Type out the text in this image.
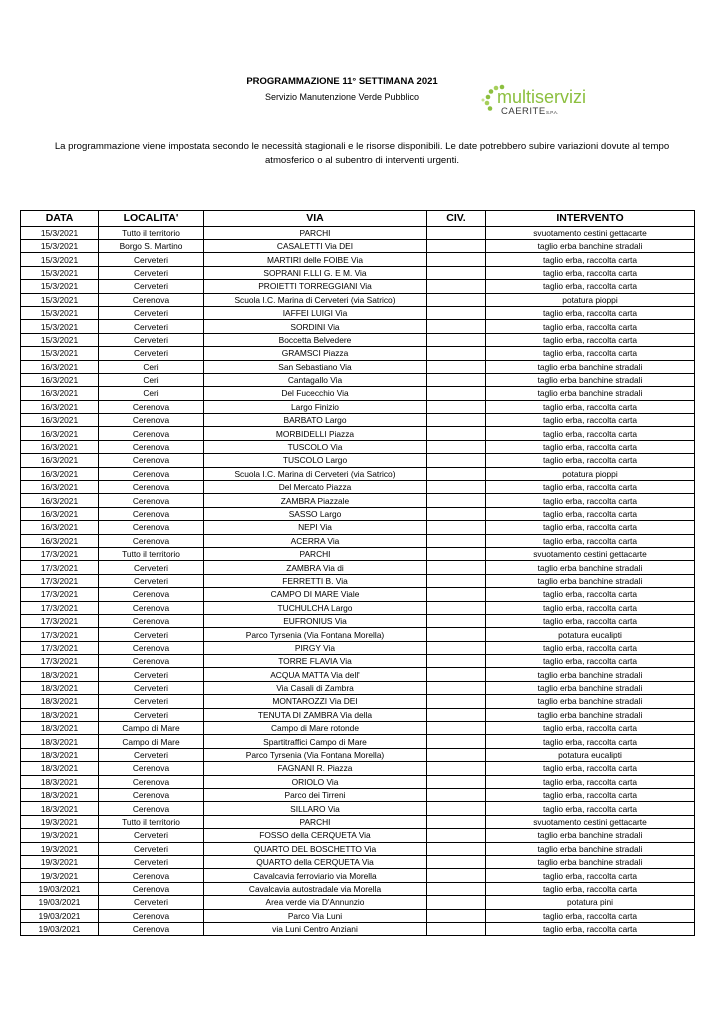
PROGRAMMAZIONE 11° SETTIMANA 2021
Servizio Manutenzione Verde Pubblico	multiservizi
CAERITE S.P.A.
La programmazione viene impostata secondo le necessità stagionali e le risorse disponibili. Le date potrebbero subire variazioni dovute al tempo atmosferico o al subentro di interventi urgenti.
DATA	LOCALITA'	VIA	CIV.	INTERVENTO
15/3/2021	Tutto il territorio	PARCHI		svuotamento cestini gettacarte
15/3/2021	Borgo S. Martino	CASALETTI Via DEI		taglio erba banchine stradali
15/3/2021	Cerveteri	MARTIRI delle FOIBE Via		taglio erba, raccolta carta
15/3/2021	Cerveteri	SOPRANI F.LLI G. E M. Via		taglio erba, raccolta carta
15/3/2021	Cerveteri	PROIETTI TORREGGIANI Via		taglio erba, raccolta carta
15/3/2021	Cerenova	Scuola I.C. Marina di Cerveteri (via Satrico)		potatura pioppi
15/3/2021	Cerveteri	IAFFEI LUIGI Via		taglio erba, raccolta carta
15/3/2021	Cerveteri	SORDINI Via		taglio erba, raccolta carta
15/3/2021	Cerveteri	Boccetta Belvedere		taglio erba, raccolta carta
15/3/2021	Cerveteri	GRAMSCI Piazza		taglio erba, raccolta carta
16/3/2021	Ceri	San Sebastiano Via		taglio erba banchine stradali
16/3/2021	Ceri	Cantagallo Via		taglio erba banchine stradali
16/3/2021	Ceri	Del Fucecchio Via		taglio erba banchine stradali
16/3/2021	Cerenova	Largo Finizio		taglio erba, raccolta carta
16/3/2021	Cerenova	BARBATO Largo		taglio erba, raccolta carta
16/3/2021	Cerenova	MORBIDELLI Piazza		taglio erba, raccolta carta
16/3/2021	Cerenova	TUSCOLO Via		taglio erba, raccolta carta
16/3/2021	Cerenova	TUSCOLO Largo		taglio erba, raccolta carta
16/3/2021	Cerenova	Scuola I.C. Marina di Cerveteri (via Satrico)		potatura pioppi
16/3/2021	Cerenova	Del Mercato Piazza		taglio erba, raccolta carta
16/3/2021	Cerenova	ZAMBRA Piazzale		taglio erba, raccolta carta
16/3/2021	Cerenova	SASSO Largo		taglio erba, raccolta carta
16/3/2021	Cerenova	NEPI Via		taglio erba, raccolta carta
16/3/2021	Cerenova	ACERRA Via		taglio erba, raccolta carta
17/3/2021	Tutto il territorio	PARCHI		svuotamento cestini gettacarte
17/3/2021	Cerveteri	ZAMBRA Via di		taglio erba banchine stradali
17/3/2021	Cerveteri	FERRETTI B. Via		taglio erba banchine stradali
17/3/2021	Cerenova	CAMPO DI MARE Viale		taglio erba, raccolta carta
17/3/2021	Cerenova	TUCHULCHA Largo		taglio erba, raccolta carta
17/3/2021	Cerenova	EUFRONIUS Via		taglio erba, raccolta carta
17/3/2021	Cerveteri	Parco Tyrsenia (Via Fontana Morella)		potatura eucalipti
17/3/2021	Cerenova	PIRGY Via		taglio erba, raccolta carta
17/3/2021	Cerenova	TORRE FLAVIA Via		taglio erba, raccolta carta
18/3/2021	Cerveteri	ACQUA MATTA Via dell'		taglio erba banchine stradali
18/3/2021	Cerveteri	Via Casali di Zambra		taglio erba banchine stradali
18/3/2021	Cerveteri	MONTAROZZI Via DEI		taglio erba banchine stradali
18/3/2021	Cerveteri	TENUTA DI ZAMBRA Via della		taglio erba banchine stradali
18/3/2021	Campo di Mare	Campo di Mare rotonde		taglio erba, raccolta carta
18/3/2021	Campo di Mare	Spartitraffici Campo di Mare		taglio erba, raccolta carta
18/3/2021	Cerveteri	Parco Tyrsenia (Via Fontana Morella)		potatura eucalipti
18/3/2021	Cerenova	FAGNANI R. Piazza		taglio erba, raccolta carta
18/3/2021	Cerenova	ORIOLO Via		taglio erba, raccolta carta
18/3/2021	Cerenova	Parco dei Tirreni		taglio erba, raccolta carta
18/3/2021	Cerenova	SILLARO Via		taglio erba, raccolta carta
19/3/2021	Tutto il territorio	PARCHI		svuotamento cestini gettacarte
19/3/2021	Cerveteri	FOSSO della CERQUETA Via		taglio erba banchine stradali
19/3/2021	Cerveteri	QUARTO DEL BOSCHETTO Via		taglio erba banchine stradali
19/3/2021	Cerveteri	QUARTO della CERQUETA Via		taglio erba banchine stradali
19/3/2021	Cerenova	Cavalcavia ferroviario via Morella		taglio erba, raccolta carta
19/03/2021	Cerenova	Cavalcavia autostradale via Morella		taglio erba, raccolta carta
19/03/2021	Cerveteri	Area verde via D'Annunzio		potatura pini
19/03/2021	Cerenova	Parco Via Luni		taglio erba, raccolta carta
19/03/2021	Cerenova	via Luni Centro Anziani		taglio erba, raccolta carta
